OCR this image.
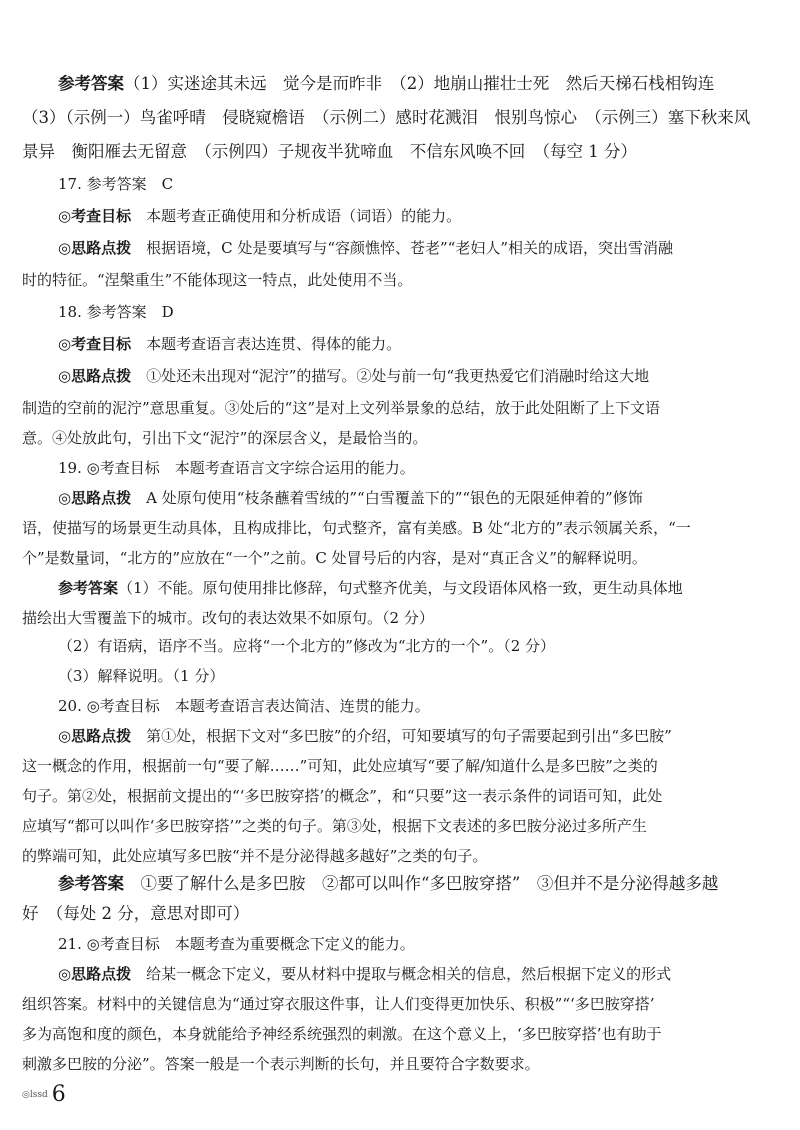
参考答案（1）实迷途其未远　觉今是而昨非　（2）地崩山摧壮士死　然后天梯石栈相钩连
（3）（示例一）鸟雀呼晴　侵晓窥檐语　（示例二）感时花溅泪　恨别鸟惊心　（示例三）塞下秋来风
景异　衡阳雁去无留意　（示例四）子规夜半犹啼血　不信东风唤不回　（每空 1 分）
17. 参考答案　C
◎考查目标　本题考查正确使用和分析成语（词语）的能力。
◎思路点拨　根据语境，C 处是要填写与“容颜憔悴、苍老”“老妇人”相关的成语，突出雪消融
时的特征。“涅槃重生”不能体现这一特点，此处使用不当。
18. 参考答案　D
◎考查目标　本题考查语言表达连贯、得体的能力。
◎思路点拨　①处还未出现对“泥泞”的描写。②处与前一句“我更热爱它们消融时给这大地
制造的空前的泥泞”意思重复。③处后的“这”是对上文列举景象的总结，放于此处阻断了上下文语
意。④处放此句，引出下文“泥泞”的深层含义，是最恰当的。
19. ◎考查目标　本题考查语言文字综合运用的能力。
◎思路点拨　A 处原句使用“枝条蘸着雪绒的”“白雪覆盖下的”“银色的无限延伸着的”修饰
语，使描写的场景更生动具体，且构成排比，句式整齐，富有美感。B 处“北方的”表示领属关系，“一
个”是数量词，“北方的”应放在“一个”之前。C 处冒号后的内容，是对“真正含义”的解释说明。
参考答案（1）不能。原句使用排比修辞，句式整齐优美，与文段语体风格一致，更生动具体地
描绘出大雪覆盖下的城市。改句的表达效果不如原句。（2 分）
（2）有语病，语序不当。应将“一个北方的”修改为“北方的一个”。（2 分）
（3）解释说明。（1 分）
20. ◎考查目标　本题考查语言表达简洁、连贯的能力。
◎思路点拨　第①处，根据下文对“多巴胺”的介绍，可知要填写的句子需要起到引出“多巴胺”
这一概念的作用，根据前一句“要了解……”可知，此处应填写“要了解/知道什么是多巴胺”之类的
句子。第②处，根据前文提出的“‘多巴胺穿搭’的概念”，和“只要”这一表示条件的词语可知，此处
应填写“都可以叫作‘多巴胺穿搭’”之类的句子。第③处，根据下文表述的多巴胺分泌过多所产生
的弊端可知，此处应填写多巴胺“并不是分泌得越多越好”之类的句子。
参考答案　①要了解什么是多巴胺　②都可以叫作“多巴胺穿搭”　③但并不是分泌得越多越
好　（每处 2 分，意思对即可）
21. ◎考查目标　本题考查为重要概念下定义的能力。
◎思路点拨　给某一概念下定义，要从材料中提取与概念相关的信息，然后根据下定义的形式
组织答案。材料中的关键信息为“通过穿衣服这件事，让人们变得更加快乐、积极”“‘多巴胺穿搭’
多为高饱和度的颜色，本身就能给予神经系统强烈的刺激。在这个意义上，‘多巴胺穿搭’也有助于
刺激多巴胺的分泌”。答案一般是一个表示判断的长句，并且要符合字数要求。
◎lssd 6
